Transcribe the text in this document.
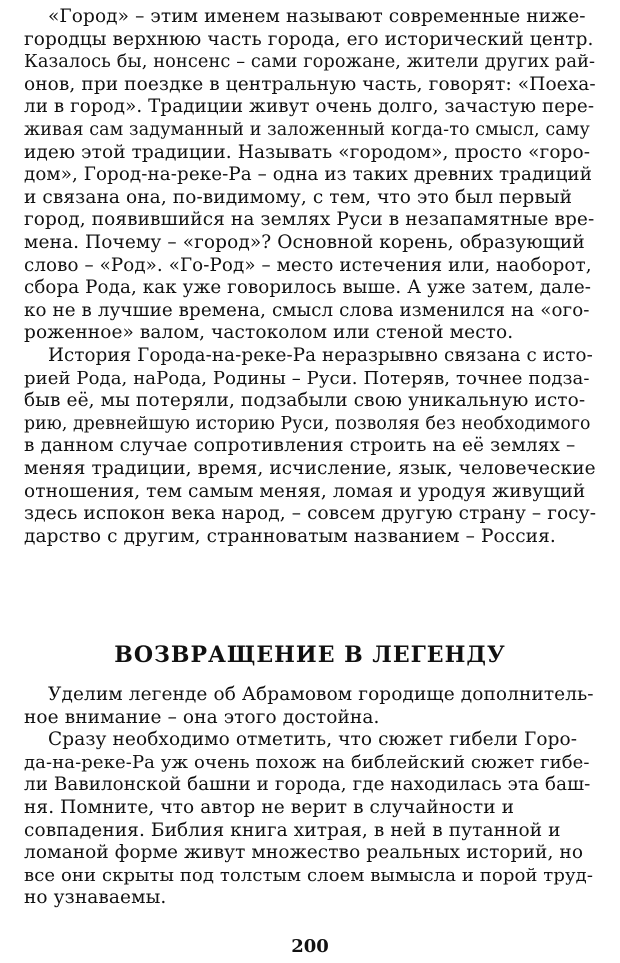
«Город» – этим именем называют современные ниже-
городцы верхнюю часть города, его исторический центр.
Казалось бы, нонсенс – сами горожане, жители других рай-
онов, при поездке в центральную часть, говорят: «Поеха-
ли в город». Традиции живут очень долго, зачастую пере-
живая сам задуманный и заложенный когда-то смысл, саму
идею этой традиции. Называть «городом», просто «горо-
дом», Город-на-реке-Ра – одна из таких древних традиций
и связана она, по-видимому, с тем, что это был первый
город, появившийся на землях Руси в незапамятные вре-
мена. Почему – «город»? Основной корень, образующий
слово – «Род». «Го-Род» – место истечения или, наоборот,
сбора Рода, как уже говорилось выше. А уже затем, дале-
ко не в лучшие времена, смысл слова изменился на «ого-
роженное» валом, частоколом или стеной место.
История Города-на-реке-Ра неразрывно связана с исто-
рией Рода, наРода, Родины – Руси. Потеряв, точнее подза-
быв её, мы потеряли, подзабыли свою уникальную исто-
рию, древнейшую историю Руси, позволяя без необходимого
в данном случае сопротивления строить на её землях –
меняя традиции, время, исчисление, язык, человеческие
отношения, тем самым меняя, ломая и уродуя живущий
здесь испокон века народ, – совсем другую страну – госу-
дарство с другим, странноватым названием – Россия.
ВОЗВРАЩЕНИЕ В ЛЕГЕНДУ
Уделим легенде об Абрамовом городище дополнитель-
ное внимание – она этого достойна.
Сразу необходимо отметить, что сюжет гибели Горо-
да-на-реке-Ра уж очень похож на библейский сюжет гибе-
ли Вавилонской башни и города, где находилась эта баш-
ня. Помните, что автор не верит в случайности и
совпадения. Библия книга хитрая, в ней в путанной и
ломаной форме живут множество реальных историй, но
все они скрыты под толстым слоем вымысла и порой труд-
но узнаваемы.
200
